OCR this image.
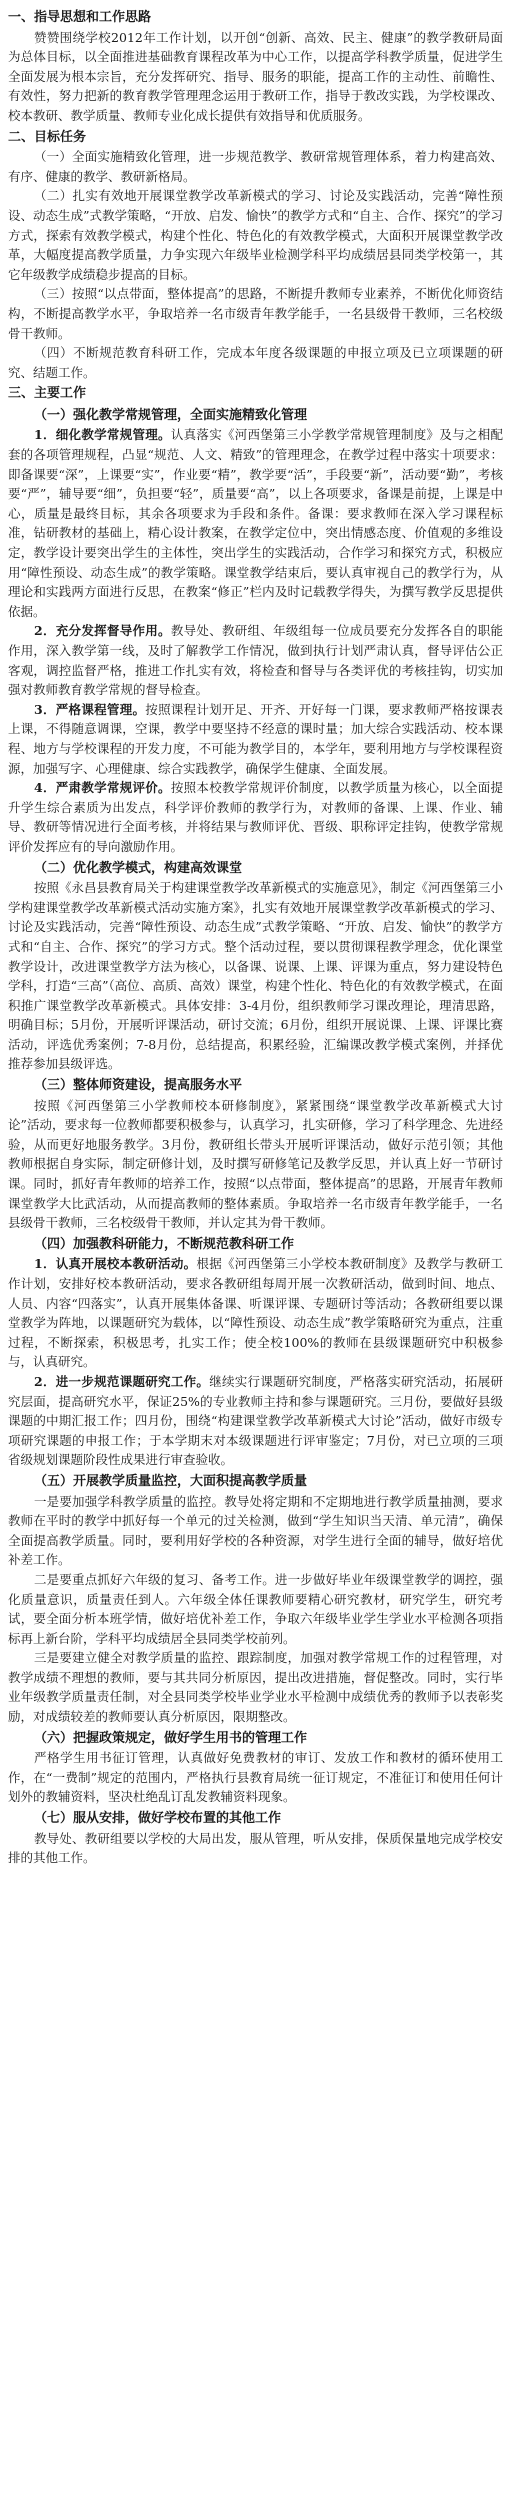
一、指导思想和工作思路
赞赞围绕学校2012年工作计划，以开创“创新、高效、民主、健康”的教学教研局面为总体目标，以全面推进基础教育课程改革为中心工作，以提高学科教学质量，促进学生全面发展为根本宗旨，充分发挥研究、指导、服务的职能，提高工作的主动性、前瞻性、有效性，努力把新的教育教学管理理念运用于教研工作，指导于教改实践，为学校课改、校本教研、教学质量、教师专业化成长提供有效指导和优质服务。
二、目标任务
（一）全面实施精致化管理，进一步规范教学、教研常规管理体系，着力构建高效、有序、健康的教学、教研新格局。
（二）扎实有效地开展课堂教学改革新模式的学习、讨论及实践活动，完善“障性预设、动态生成”式教学策略，“开放、启发、愉快”的教学方式和“自主、合作、探究”的学习方式，探索有效教学模式，构建个性化、特色化的有效教学模式，大面积开展课堂教学改革，大幅度提高教学质量，力争实现六年级毕业检测学科平均成绩居县同类学校第一，其它年级教学成绩稳步提高的目标。
（三）按照“以点带面，整体提高”的思路，不断提升教师专业素养，不断优化师资结构，不断提高教学水平，争取培养一名市级青年教学能手，一名县级骨干教师，三名校级骨干教师。
（四）不断规范教育科研工作，完成本年度各级课题的申报立项及已立项课题的研究、结题工作。
三、主要工作
（一）强化教学常规管理，全面实施精致化管理
1．细化教学常规管理。认真落实《河西堡第三小学教学常规管理制度》及与之相配套的各项管理规程，凸显“规范、人文、精致”的管理理念，在教学过程中落实十项要求：即备课要“深”，上课要“实”，作业要“精”，教学要“活”，手段要“新”，活动要“勤”，考核要“严”，辅导要“细”，负担要“轻”，质量要“高”，以上各项要求，备课是前提，上课是中心，质量是最终目标，其余各项要求为手段和条件。备课：要求教师在深入学习课程标准，钻研教材的基础上，精心设计教案，在教学定位中，突出情感态度、价值观的多维设定，教学设计要突出学生的主体性，突出学生的实践活动，合作学习和探究方式，积极应用“障性预设、动态生成”的教学策略。课堂教学结束后，要认真审视自己的教学行为，从理论和实践两方面进行反思，在教案“修正”栏内及时记载教学得失，为撰写教学反思提供依据。
2．充分发挥督导作用。教导处、教研组、年级组每一位成员要充分发挥各自的职能作用，深入教学第一线，及时了解教学工作情况，做到执行计划严肃认真，督导评估公正客观，调控监督严格，推进工作扎实有效，将检查和督导与各类评优的考核挂钩，切实加强对教师教育教学常规的督导检查。
3．严格课程管理。按照课程计划开足、开齐、开好每一门课，要求教师严格按课表上课，不得随意调课，空课，教学中要坚持不经意的课时量；加大综合实践活动、校本课程、地方与学校课程的开发力度，不可能为教学目的，本学年，要利用地方与学校课程资源，加强写字、心理健康、综合实践教学，确保学生健康、全面发展。
4．严肃教学常规评价。按照本校教学常规评价制度，以教学质量为核心，以全面提升学生综合素质为出发点，科学评价教师的教学行为，对教师的备课、上课、作业、辅导、教研等情况进行全面考核，并将结果与教师评优、晋级、职称评定挂钩，使教学常规评价发挥应有的导向激励作用。
（二）优化教学模式，构建高效课堂
按照《永昌县教育局关于构建课堂教学改革新模式的实施意见》，制定《河西堡第三小学构建课堂教学改革新模式活动实施方案》，扎实有效地开展课堂教学改革新模式的学习、讨论及实践活动，完善“障性预设、动态生成”式教学策略、“开放、启发、愉快”的教学方式和“自主、合作、探究”的学习方式。整个活动过程，要以贯彻课程教学理念，优化课堂教学设计，改进课堂教学方法为核心，以备课、说课、上课、评课为重点，努力建设特色学科，打造“三高”（高位、高质、高效）课堂，构建个性化、特色化的有效教学模式，在面积推广课堂教学改革新模式。具体安排：3-4月份，组织教师学习课改理论，理清思路，明确目标；5月份，开展听评课活动，研讨交流；6月份，组织开展说课、上课、评课比赛活动，评选优秀案例；7-8月份，总结提高，积累经验，汇编课改教学模式案例，并择优推荐参加县级评选。
（三）整体师资建设，提高服务水平
按照《河西堡第三小学教师校本研修制度》，紧紧围绕“课堂教学改革新模式大讨论”活动，要求每一位教师都要积极参与，认真学习，扎实研修，学习了科学理念、先进经验，从而更好地服务教学。3月份，教研组长带头开展听评课活动，做好示范引领；其他教师根据自身实际，制定研修计划，及时撰写研修笔记及教学反思，并认真上好一节研讨课。同时，抓好青年教师的培养工作，按照“以点带面，整体提高”的思路，开展青年教师课堂教学大比武活动，从而提高教师的整体素质。争取培养一名市级青年教学能手，一名县级骨干教师，三名校级骨干教师，并认定其为骨干教师。
（四）加强教科研能力，不断规范教科研工作
1．认真开展校本教研活动。根据《河西堡第三小学校本教研制度》及教学与教研工作计划，安排好校本教研活动，要求各教研组每周开展一次教研活动，做到时间、地点、人员、内容“四落实”，认真开展集体备课、听课评课、专题研讨等活动；各教研组要以课堂教学为阵地，以课题研究为载体，以“障性预设、动态生成”教学策略研究为重点，注重过程，不断探索，积极思考，扎实工作；使全校100%的教师在县级课题研究中积极参与，认真研究。
2．进一步规范课题研究工作。继续实行课题研究制度，严格落实研究活动，拓展研究层面，提高研究水平，保证25%的专业教师主持和参与课题研究。三月份，要做好县级课题的中期汇报工作；四月份，围绕“构建课堂教学改革新模式大讨论”活动，做好市级专项研究课题的申报工作；于本学期末对本级课题进行评审鉴定；7月份，对已立项的三项省级规划课题阶段性成果进行审查验收。
（五）开展教学质量监控，大面积提高教学质量
一是要加强学科教学质量的监控。教导处将定期和不定期地进行教学质量抽测，要求教师在平时的教学中抓好每一个单元的过关检测，做到“学生知识当天清、单元清”，确保全面提高教学质量。同时，要利用好学校的各种资源，对学生进行全面的辅导，做好培优补差工作。
二是要重点抓好六年级的复习、备考工作。进一步做好毕业年级课堂教学的调控，强化质量意识，质量责任到人。六年级全体任课教师要精心研究教材，研究学生，研究考试，要全面分析本班学情，做好培优补差工作，争取六年级毕业学生学业水平检测各项指标再上新台阶，学科平均成绩居全县同类学校前列。
三是要建立健全对教学质量的监控、跟踪制度，加强对教学常规工作的过程管理，对教学成绩不理想的教师，要与其共同分析原因，提出改进措施，督促整改。同时，实行毕业年级教学质量责任制，对全县同类学校毕业学业水平检测中成绩优秀的教师予以表彰奖励，对成绩较差的教师要认真分析原因，限期整改。
（六）把握政策规定，做好学生用书的管理工作
严格学生用书征订管理，认真做好免费教材的审订、发放工作和教材的循环使用工作，在“一费制”规定的范围内，严格执行县教育局统一征订规定，不准征订和使用任何计划外的教辅资料，坚决杜绝乱订乱发教辅资料现象。
（七）服从安排，做好学校布置的其他工作
教导处、教研组要以学校的大局出发，服从管理，听从安排，保质保量地完成学校安排的其他工作。
